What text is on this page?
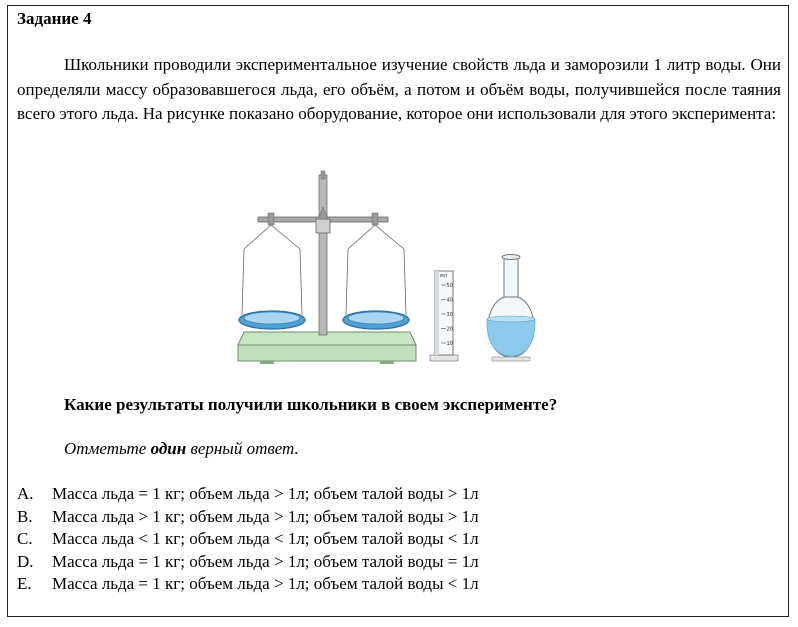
Задание 4

Школьники проводили экспериментальное изучение свойств льда и заморозили 1 литр воды. Они определяли массу образовавшегося льда, его объём, а потом и объём воды, получившейся после таяния всего этого льда. На рисунке показано оборудование, которое они использовали для этого эксперимента:

мл
50
40
30
20
10
Какие результаты получили школьники в своем эксперименте?
Отметьте один верный ответ.
A.	Масса льда = 1 кг; объем льда > 1л; объем талой воды > 1л
B.	Масса льда > 1 кг; объем льда > 1л; объем талой воды > 1л
C.	Масса льда < 1 кг; объем льда < 1л; объем талой воды < 1л
D.	Масса льда = 1 кг; объем льда > 1л; объем талой воды = 1л
E.	Масса льда = 1 кг; объем льда > 1л; объем талой воды < 1л
